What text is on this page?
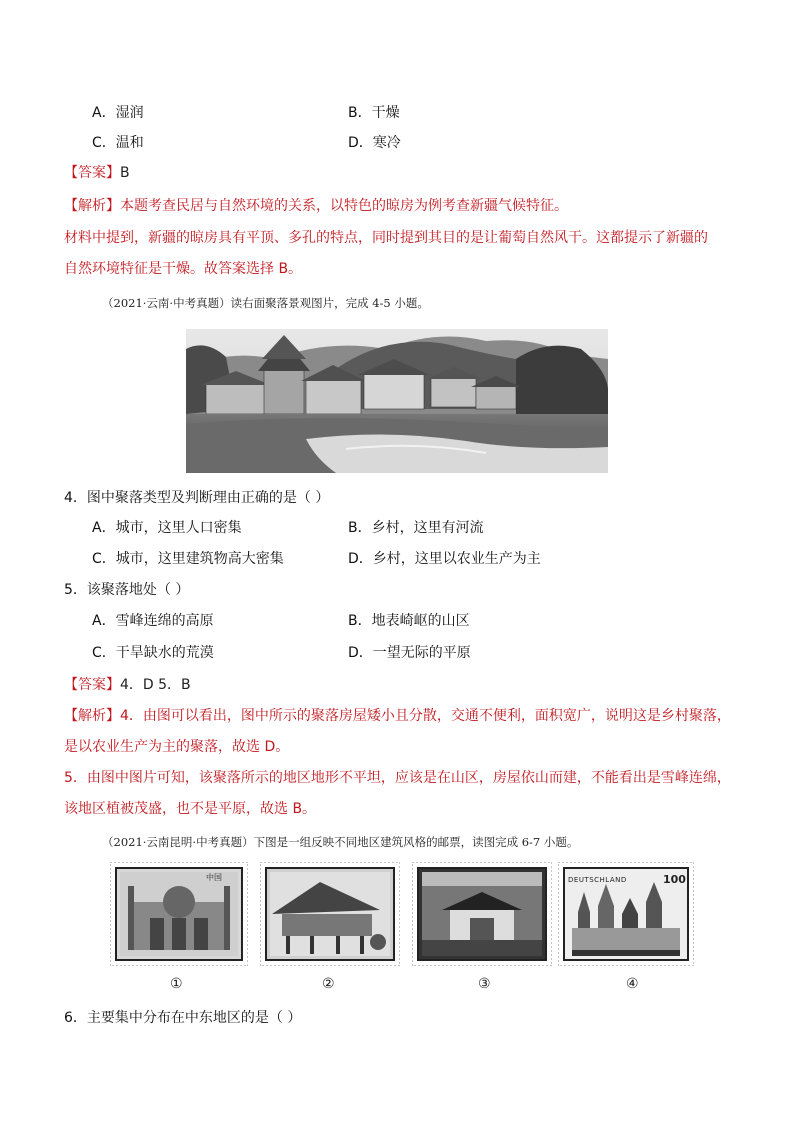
A．湿润	B．干燥
C．温和	D．寒冷
【答案】B
【解析】本题考查民居与自然环境的关系，以特色的晾房为例考查新疆气候特征。
材料中提到，新疆的晾房具有平顶、多孔的特点，同时提到其目的是让葡萄自然风干。这都提示了新疆的
自然环境特征是干燥。故答案选择 B。
（2021·云南·中考真题）读右面聚落景观图片，完成 4-5 小题。
4．图中聚落类型及判断理由正确的是（ ）
A．城市，这里人口密集	B．乡村，这里有河流
C．城市，这里建筑物高大密集	D．乡村，这里以农业生产为主
5．该聚落地处（ ）
A．雪峰连绵的高原	B．地表崎岖的山区
C．干旱缺水的荒漠	D．一望无际的平原
【答案】4．D 5．B
【解析】4．由图可以看出，图中所示的聚落房屋矮小且分散，交通不便利，面积宽广，说明这是乡村聚落，
是以农业生产为主的聚落，故选 D。
5．由图中图片可知，该聚落所示的地区地形不平坦，应该是在山区，房屋依山而建，不能看出是雪峰连绵，
该地区植被茂盛，也不是平原，故选 B。
（2021·云南昆明·中考真题）下图是一组反映不同地区建筑风格的邮票，读图完成 6-7 小题。
中国	DEUTSCHLAND	100
①	②	③	④
6．主要集中分布在中东地区的是（ ）
